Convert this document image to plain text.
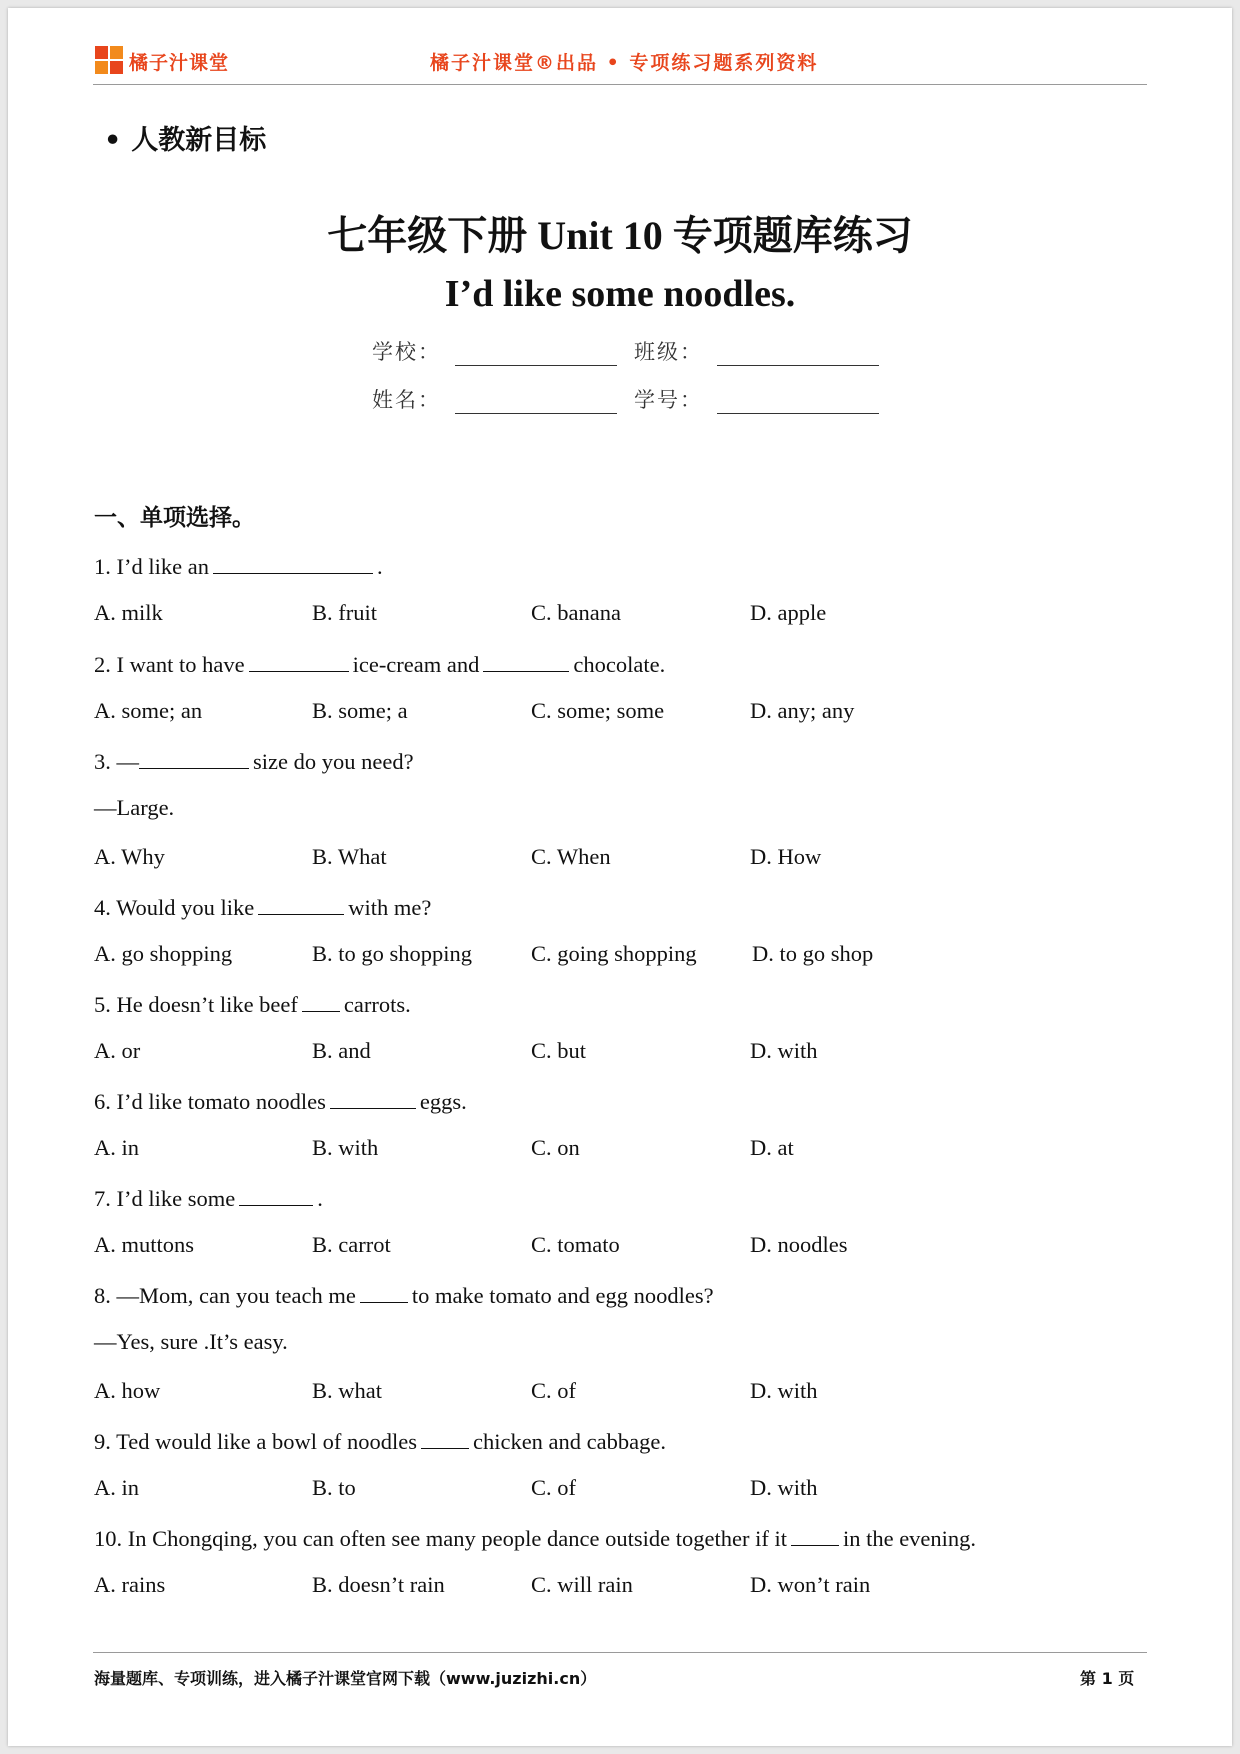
橘子汁课堂	橘子汁课堂®出品 • 专项练习题系列资料
• 人教新目标
七年级下册 Unit 10 专项题库练习
I’d like some noodles.
学校：	班级：
姓名：	学号：
一、单项选择。
1. I’d like an	.
A. milk	B. fruit	C. banana	D. apple
2. I want to have	ice-cream and	chocolate.
A. some; an	B. some; a	C. some; some	D. any; any
3. —	size do you need?
—Large.
A. Why	B. What	C. When	D. How
4. Would you like	with me?
A. go shopping	B. to go shopping	C. going shopping D. to go shop
5. He doesn’t like beef carrots.
A. or	B. and	C. but	D. with
6. I’d like tomato noodles	eggs.
A. in	B. with	C. on	D. at
7. I’d like some	.
A. muttons	B. carrot	C. tomato	D. noodles
8. —Mom, can you teach me to make tomato and egg noodles?
—Yes, sure .It’s easy.
A. how	B. what	C. of	D. with
9. Ted would like a bowl of noodles chicken and cabbage.
A. in	B. to	C. of	D. with
10. In Chongqing, you can often see many people dance outside together if it in the evening.
A. rains	B. doesn’t rain	C. will rain	D. won’t rain
海量题库、专项训练，进入橘子汁课堂官网下载（www.juzizhi.cn）	第 1 页
